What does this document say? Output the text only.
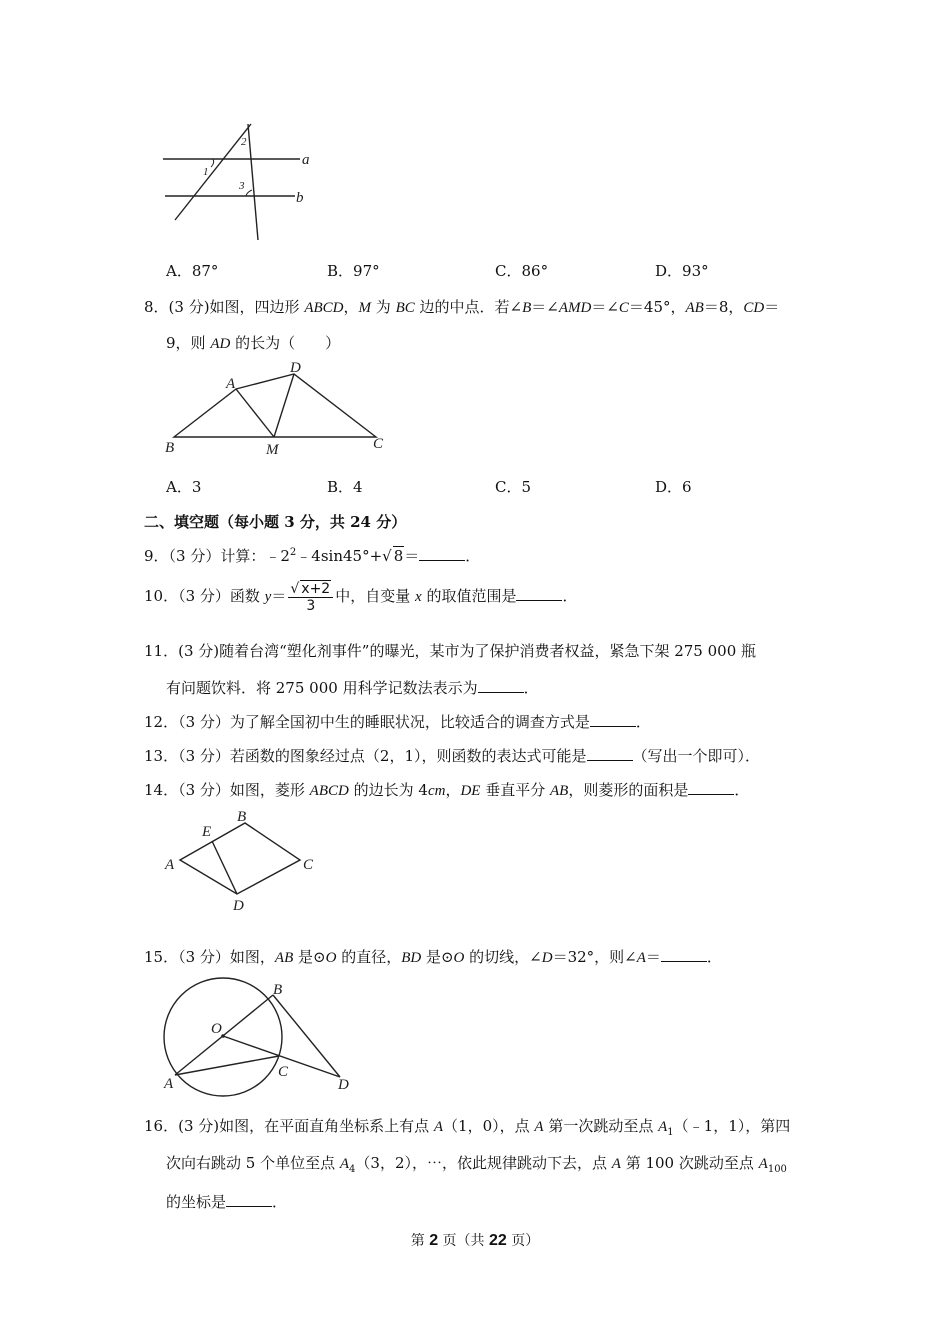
2
1
3
a
b
A．87°	B．97°	C．86°	D．93°
8．(3 分)如图，四边形 ABCD，M 为 BC 边的中点．若∠B＝∠AMD＝∠C＝45°，AB＝8，CD＝
9，则 AD 的长为（　　）
A
D
B	M	C
A．3	B．4	C．5	D．6
二、填空题（每小题 3 分，共 24 分）
9．（3 分）计算：$﹣2^2﹣4\sin 45^\circ+√$ 8＝	．
10．（3 分）函数 $y= \frac{√ x+2}{3}$ 中，自变量 x 的取值范围是	．
11．(3 分)随着台湾“塑化剂事件”的曝光，某市为了保护消费者权益，紧急下架 275 000 瓶
有问题饮料．将 275 000 用科学记数法表示为	．
12．（3 分）为了解全国初中生的睡眠状况，比较适合的调查方式是	．
13．（3 分）若函数的图象经过点（2，1），则函数的表达式可能是	（写出一个即可）．
14．（3 分）如图，菱形 ABCD 的边长为 4cm，DE 垂直平分 AB，则菱形的面积是	．
B
E
A	C
D
15．（3 分）如图，AB 是⊙O 的直径，BD 是⊙O 的切线，∠D＝32°，则∠A＝	．
B
O
C
A	D
16．(3 分)如图，在平面直角坐标系上有点 A（1，0），点 A 第一次跳动至点 $A_1(﹣1$，1），第四
次向右跳动 5 个单位至点 $A_4(3$，2），⋯，依此规律跳动下去，点 A 第 100 次跳动至点 $A_{100}$
的坐标是	．
第 2 页（共 22 页）
